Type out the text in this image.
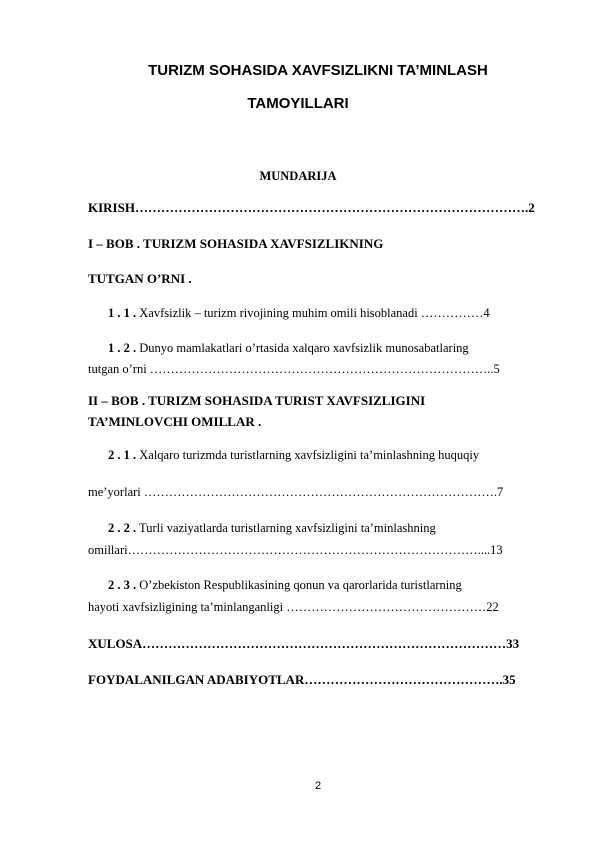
TURIZM SOHASIDA XAVFSIZLIKNI TA’MINLASH
TAMOYILLARI
MUNDARIJA
KIRISH……………………………………………………………………………….2
I – BOB . TURIZM SOHASIDA XAVFSIZLIKNING
TUTGAN O’RNI .
1 . 1 . Xavfsizlik – turizm rivojining muhim omili hisoblanadi ……………4
1 . 2 . Dunyo mamlakatlari o’rtasida xalqaro xavfsizlik munosabatlaring
tutgan o’rni ………………………………………………………………………..5
II – BOB . TURIZM SOHASIDA TURIST XAVFSIZLIGINI
TA’MINLOVCHI OMILLAR .
2 . 1 . Xalqaro turizmda turistlarning xavfsizligini ta’minlashning huquqiy
me’yorlari ………………………………………………………………………….7
2 . 2 . Turli vaziyatlarda turistlarning xavfsizligini ta’minlashning
omillari…………………………………………………………………………....13
2 . 3 . O’zbekiston Respublikasining qonun va qarorlarida turistlarning
hayoti xavfsizligining ta’minlanganligi …………………………………………22
XULOSA…………………………………………………………………………33
FOYDALANILGAN ADABIYOTLAR……………………………………….35
2
